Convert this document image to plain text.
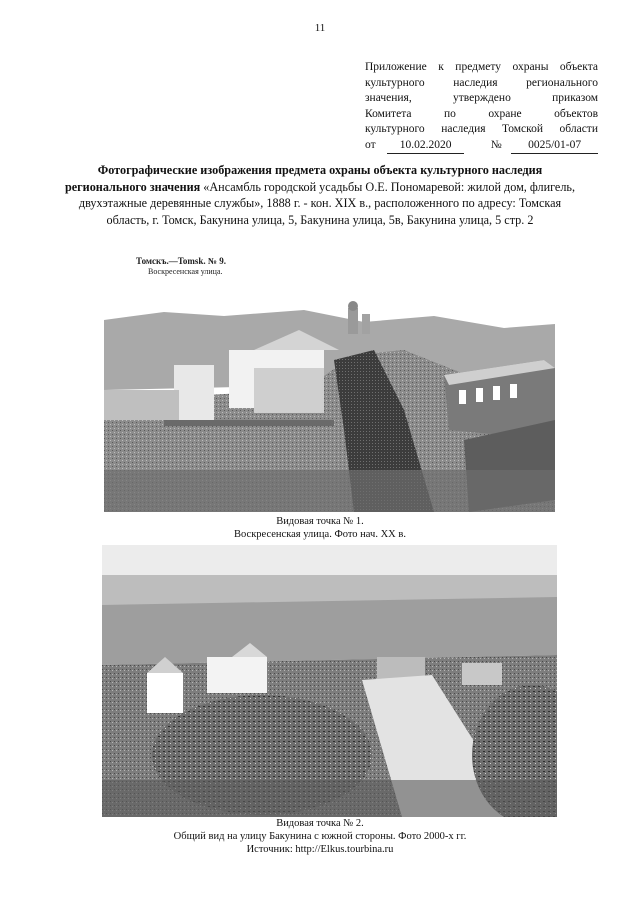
11
Приложение к предмету охраны объекта
культурного наследия регионального
значения, утверждено приказом
Комитета по охране объектов
культурного наследия Томской области
от	10.02.2020	№	0025/01-07
Фотографические изображения предмета охраны объекта культурного наследия регионального значения «Ансамбль городской усадьбы О.Е. Пономаревой: жилой дом, флигель, двухэтажные деревянные службы», 1888 г. - кон. XIX в., расположенного по адресу: Томская область, г. Томск, Бакунина улица, 5, Бакунина улица, 5в, Бакунина улица, 5 стр. 2
Томскъ.—Tomsk. № 9.
Воскресенская улица.
Видовая точка № 1.
Воскресенская улица. Фото нач. XX в.
Видовая точка № 2.
Общий вид на улицу Бакунина с южной стороны. Фото 2000-х гг.
Источник: http://Elkus.tourbina.ru
